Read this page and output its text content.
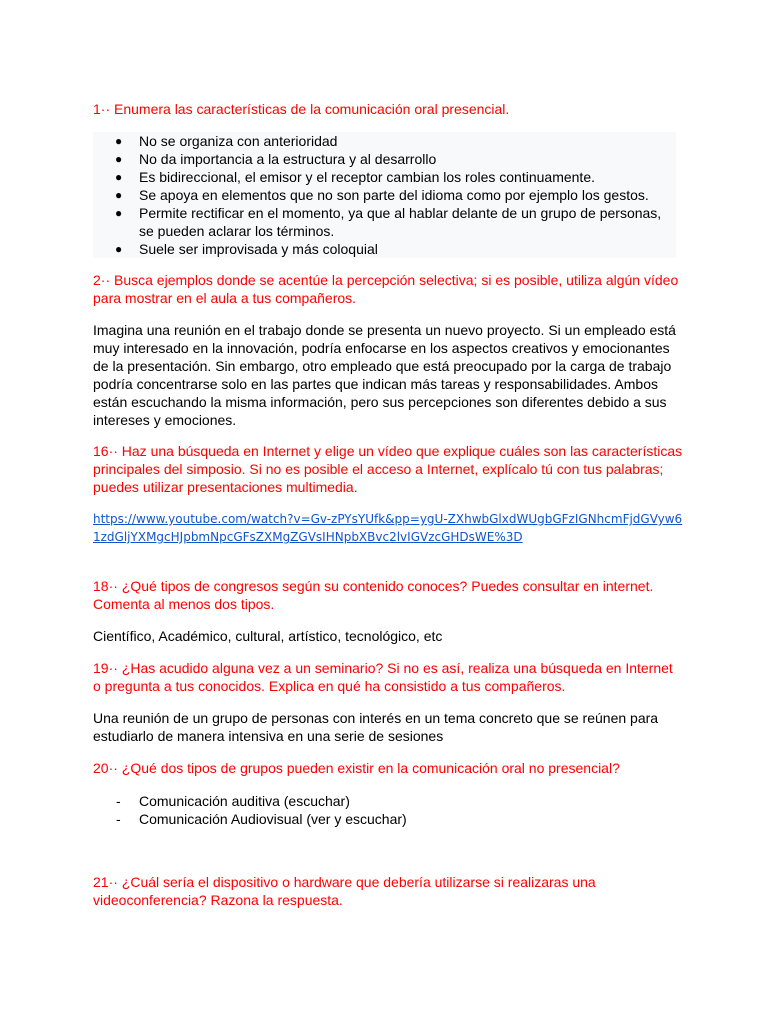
1·· Enumera las características de la comunicación oral presencial.

● No se organiza con anterioridad
● No da importancia a la estructura y al desarrollo
● Es bidireccional, el emisor y el receptor cambian los roles continuamente.
● Se apoya en elementos que no son parte del idioma como por ejemplo los gestos.
● Permite rectificar en el momento, ya que al hablar delante de un grupo de personas, se pueden aclarar los términos.
● Suele ser improvisada y más coloquial

2·· Busca ejemplos donde se acentúe la percepción selectiva; si es posible, utiliza algún vídeo para mostrar en el aula a tus compañeros.

Imagina una reunión en el trabajo donde se presenta un nuevo proyecto. Si un empleado está muy interesado en la innovación, podría enfocarse en los aspectos creativos y emocionantes de la presentación. Sin embargo, otro empleado que está preocupado por la carga de trabajo podría concentrarse solo en las partes que indican más tareas y responsabilidades. Ambos están escuchando la misma información, pero sus percepciones son diferentes debido a sus intereses y emociones.

16·· Haz una búsqueda en Internet y elige un vídeo que explique cuáles son las características principales del simposio. Si no es posible el acceso a Internet, explícalo tú con tus palabras; puedes utilizar presentaciones multimedia.

https://www.youtube.com/watch?v=Gv-zPYsYUfk&pp=ygU-ZXhwbGlxdWUgbGFzIGNhcmFjdGVyw61zdGljYXMgcHJpbmNpcGFsZXMgZGVsIHNpbXBvc2lvIGVzcGHDsWE%3D

18·· ¿Qué tipos de congresos según su contenido conoces? Puedes consultar en internet. Comenta al menos dos tipos.

Científico, Académico, cultural, artístico, tecnológico, etc

19·· ¿Has acudido alguna vez a un seminario? Si no es así, realiza una búsqueda en Internet o pregunta a tus conocidos. Explica en qué ha consistido a tus compañeros.

Una reunión de un grupo de personas con interés en un tema concreto que se reúnen para estudiarlo de manera intensiva en una serie de sesiones

20·· ¿Qué dos tipos de grupos pueden existir en la comunicación oral no presencial?

- Comunicación auditiva (escuchar)
- Comunicación Audiovisual (ver y escuchar)

21·· ¿Cuál sería el dispositivo o hardware que debería utilizarse si realizaras una videoconferencia? Razona la respuesta.
